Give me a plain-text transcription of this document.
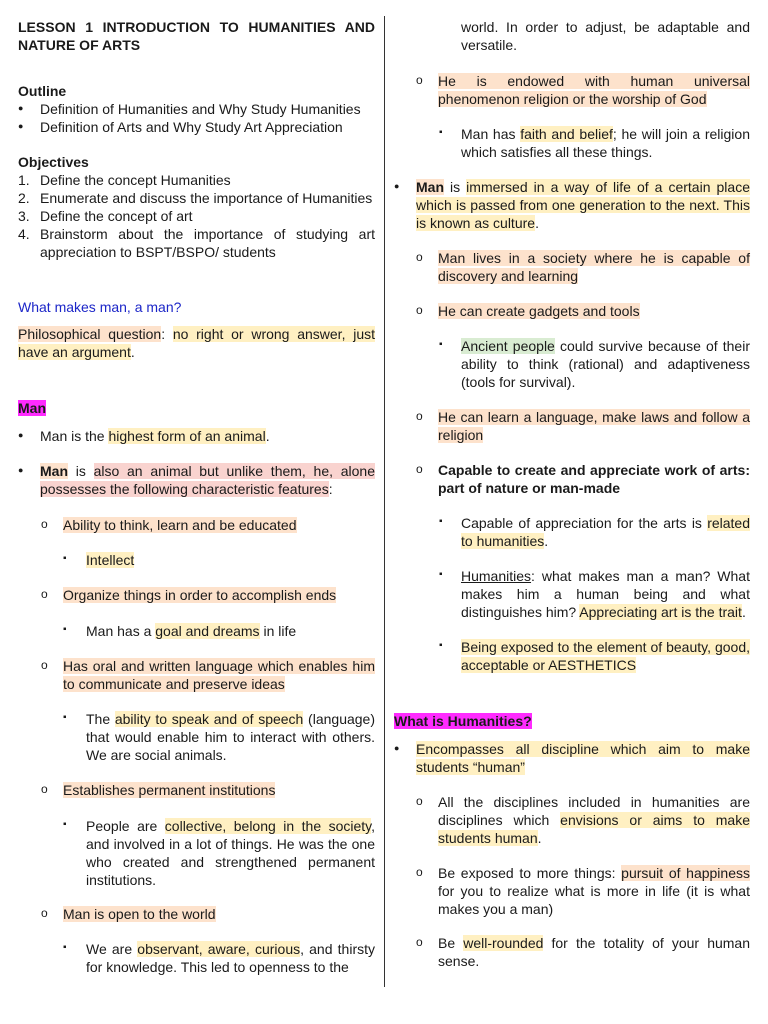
LESSON 1 INTRODUCTION TO HUMANITIES AND NATURE OF ARTS
Outline
Definition of Humanities and Why Study Humanities
Definition of Arts and Why Study Art Appreciation
Objectives
1. Define the concept Humanities
2. Enumerate and discuss the importance of Humanities
3. Define the concept of art
4. Brainstorm about the importance of studying art appreciation to BSPT/BSPO/ students
What makes man, a man?
Philosophical question: no right or wrong answer, just have an argument.
Man
Man is the highest form of an animal.
Man is also an animal but unlike them, he, alone possesses the following characteristic features:
Ability to think, learn and be educated
Intellect
Organize things in order to accomplish ends
Man has a goal and dreams in life
Has oral and written language which enables him to communicate and preserve ideas
The ability to speak and of speech (language) that would enable him to interact with others. We are social animals.
Establishes permanent institutions
People are collective, belong in the society, and involved in a lot of things. He was the one who created and strengthened permanent institutions.
Man is open to the world
We are observant, aware, curious, and thirsty for knowledge. This led to openness to the
world. In order to adjust, be adaptable and versatile.
He is endowed with human universal phenomenon religion or the worship of God
Man has faith and belief; he will join a religion which satisfies all these things.
Man is immersed in a way of life of a certain place which is passed from one generation to the next. This is known as culture.
Man lives in a society where he is capable of discovery and learning
He can create gadgets and tools
Ancient people could survive because of their ability to think (rational) and adaptiveness (tools for survival).
He can learn a language, make laws and follow a religion
Capable to create and appreciate work of arts: part of nature or man-made
Capable of appreciation for the arts is related to humanities.
Humanities: what makes man a man? What makes him a human being and what distinguishes him? Appreciating art is the trait.
Being exposed to the element of beauty, good, acceptable or AESTHETICS
What is Humanities?
Encompasses all discipline which aim to make students “human”
All the disciplines included in humanities are disciplines which envisions or aims to make students human.
Be exposed to more things: pursuit of happiness for you to realize what is more in life (it is what makes you a man)
Be well-rounded for the totality of your human sense.
